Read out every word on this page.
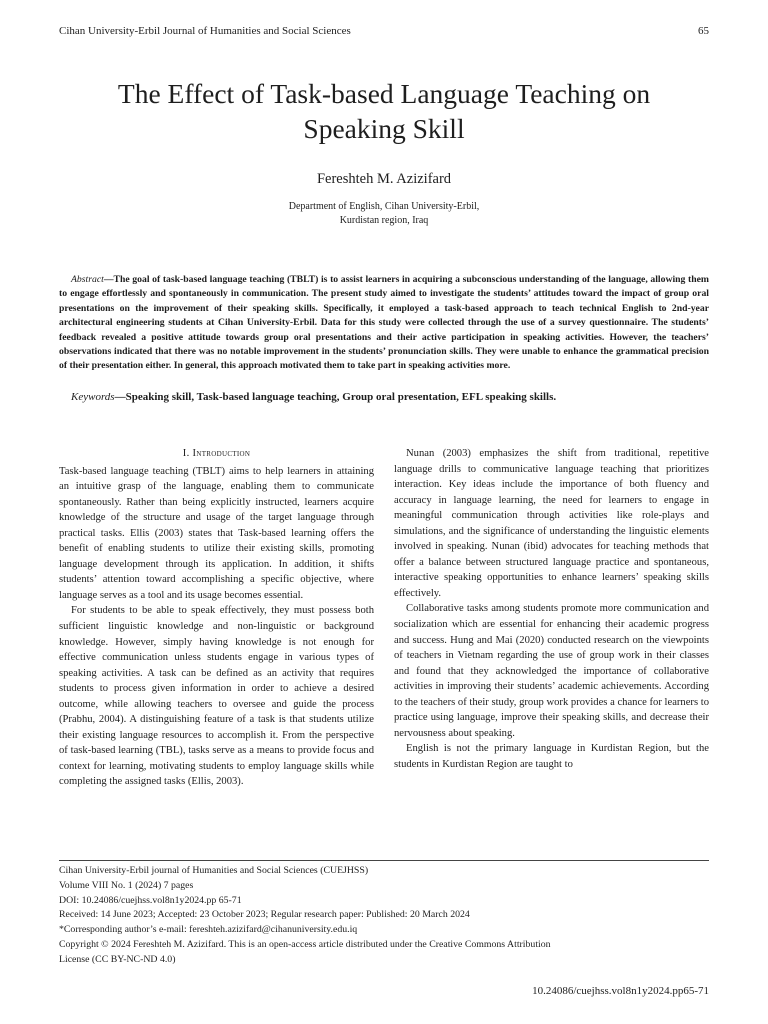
Cihan University-Erbil Journal of Humanities and Social Sciences	65
The Effect of Task-based Language Teaching on
Speaking Skill
Fereshteh M. Azizifard
Department of English, Cihan University-Erbil,
Kurdistan region, Iraq
Abstract—The goal of task-based language teaching (TBLT) is to assist learners in acquiring a subconscious understanding of the language, allowing them to engage effortlessly and spontaneously in communication. The present study aimed to investigate the students’ attitudes toward the impact of group oral presentations on the improvement of their speaking skills. Specifically, it employed a task-based approach to teach technical English to 2nd-year architectural engineering students at Cihan University-Erbil. Data for this study were collected through the use of a survey questionnaire. The students’ feedback revealed a positive attitude towards group oral presentations and their active participation in speaking activities. However, the teachers’ observations indicated that there was no notable improvement in the students’ pronunciation skills. They were unable to enhance the grammatical precision of their presentation either. In general, this approach motivated them to take part in speaking activities more.
Keywords—Speaking skill, Task-based language teaching, Group oral presentation, EFL speaking skills.

I. Introduction

Task-based language teaching (TBLT) aims to help learners in attaining an intuitive grasp of the language, enabling them to communicate spontaneously. Rather than being explicitly instructed, learners acquire knowledge of the structure and usage of the target language through practical tasks. Ellis (2003) states that Task-based learning offers the benefit of enabling students to utilize their existing skills, promoting language development through its application. In addition, it shifts students’ attention toward accomplishing a specific objective, where language serves as a tool and its usage becomes essential.

For students to be able to speak effectively, they must possess both sufficient linguistic knowledge and non-linguistic or background knowledge. However, simply having knowledge is not enough for effective communication unless students engage in various types of speaking activities. A task can be defined as an activity that requires students to process given information in order to achieve a desired outcome, while allowing teachers to oversee and guide the process (Prabhu, 2004). A distinguishing feature of a task is that students utilize their existing language resources to accomplish it. From the perspective of task-based learning (TBL), tasks serve as a means to provide focus and context for learning, motivating students to employ language skills while completing the assigned tasks (Ellis, 2003).

Nunan (2003) emphasizes the shift from traditional, repetitive language drills to communicative language teaching that prioritizes interaction. Key ideas include the importance of both fluency and accuracy in language learning, the need for learners to engage in meaningful communication through activities like role-plays and simulations, and the significance of understanding the linguistic elements involved in speaking. Nunan (ibid) advocates for teaching methods that offer a balance between structured language practice and spontaneous, interactive speaking opportunities to enhance learners’ speaking skills effectively.

Collaborative tasks among students promote more communication and socialization which are essential for enhancing their academic progress and success. Hung and Mai (2020) conducted research on the viewpoints of teachers in Vietnam regarding the use of group work in their classes and found that they acknowledged the importance of collaborative activities in improving their students’ academic achievements. According to the teachers of their study, group work provides a chance for learners to practice using language, improve their speaking skills, and decrease their nervousness about speaking.

English is not the primary language in Kurdistan Region, but the students in Kurdistan Region are taught to

Cihan University-Erbil journal of Humanities and Social Sciences (CUEJHSS)
Volume VIII No. 1 (2024) 7 pages
DOI: 10.24086/cuejhss.vol8n1y2024.pp 65-71
Received: 14 June 2023; Accepted: 23 October 2023; Regular research paper: Published: 20 March 2024
*Corresponding author’s e-mail: fereshteh.azizifard@cihanuniversity.edu.iq
Copyright © 2024 Fereshteh M. Azizifard. This is an open-access article distributed under the Creative Commons Attribution
License (CC BY-NC-ND 4.0)
10.24086/cuejhss.vol8n1y2024.pp65-71
